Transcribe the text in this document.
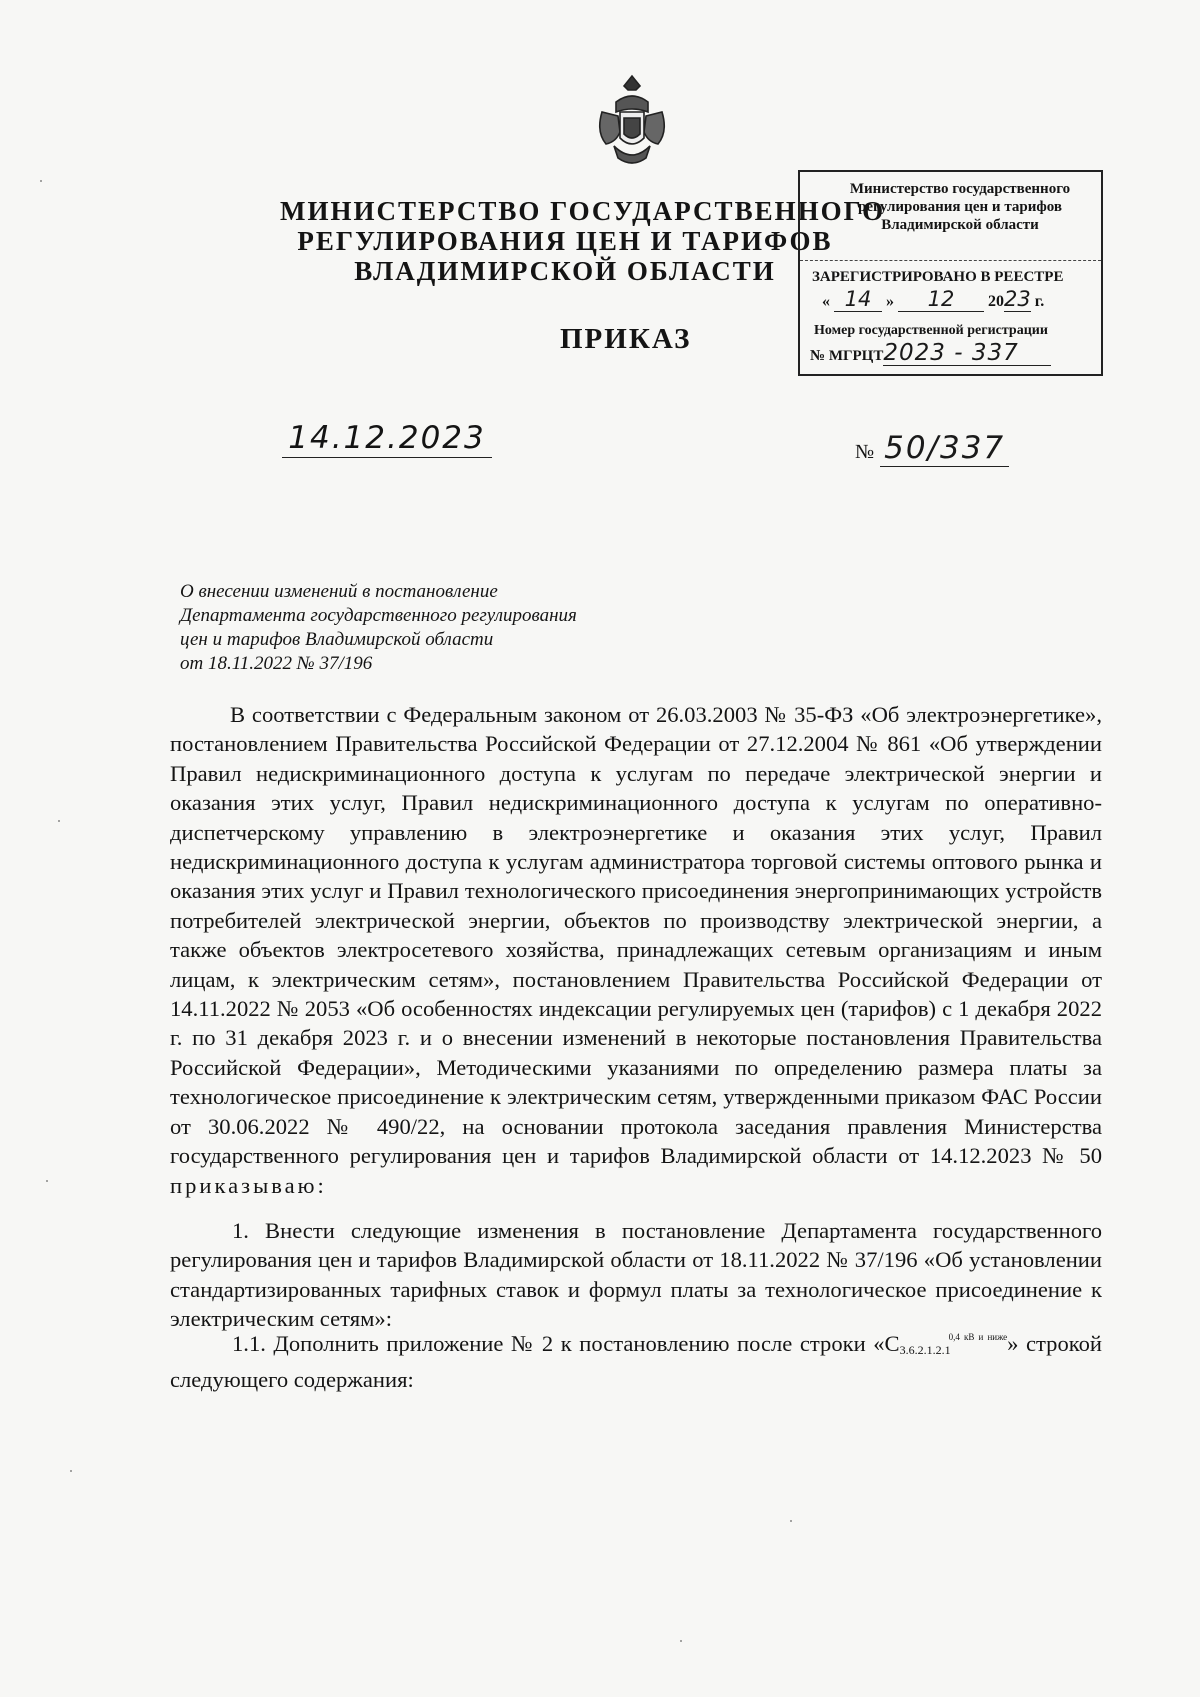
МИНИСТЕРСТВО ГОСУДАРСТВЕННОГО
РЕГУЛИРОВАНИЯ ЦЕН И ТАРИФОВ
ВЛАДИМИРСКОЙ ОБЛАСТИ
ПРИКАЗ
Министерство государственного
регулирования цен и тарифов
Владимирской области
ЗАРЕГИСТРИРОВАНО В РЕЕСТРЕ
« 14 » 12 2023 г.
Номер государственной регистрации
№ МГРЦТ2023 - 337
14.12.2023	№ 50/337
О внесении изменений в постановление
Департамента государственного регулирования
цен и тарифов Владимирской области
от 18.11.2022 № 37/196
В соответствии с Федеральным законом от 26.03.2003 № 35-ФЗ «Об электроэнергетике», постановлением Правительства Российской Федерации от 27.12.2004 № 861 «Об утверждении Правил недискриминационного доступа к услугам по передаче электрической энергии и оказания этих услуг, Правил недискриминационного доступа к услугам по оперативно-диспетчерскому управлению в электроэнергетике и оказания этих услуг, Правил недискриминационного доступа к услугам администратора торговой системы оптового рынка и оказания этих услуг и Правил технологического присоединения энергопринимающих устройств потребителей электрической энергии, объектов по производству электрической энергии, а также объектов электросетевого хозяйства, принадлежащих сетевым организациям и иным лицам, к электрическим сетям», постановлением Правительства Российской Федерации от 14.11.2022 № 2053 «Об особенностях индексации регулируемых цен (тарифов) с 1 декабря 2022 г. по 31 декабря 2023 г. и о внесении изменений в некоторые постановления Правительства Российской Федерации», Методическими указаниями по определению размера платы за технологическое присоединение к электрическим сетям, утвержденными приказом ФАС России от 30.06.2022 № 490/22, на основании протокола заседания правления Министерства государственного регулирования цен и тарифов Владимирской области от 14.12.2023 № 50 приказываю:
1. Внести следующие изменения в постановление Департамента государственного регулирования цен и тарифов Владимирской области от 18.11.2022 № 37/196 «Об установлении стандартизированных тарифных ставок и формул платы за технологическое присоединение к электрическим сетям»:
1.1. Дополнить приложение № 2 к постановлению после строки «$С_{3.6.2.1.2.1}^{0,4 кВ и ниже}$» строкой следующего содержания:
